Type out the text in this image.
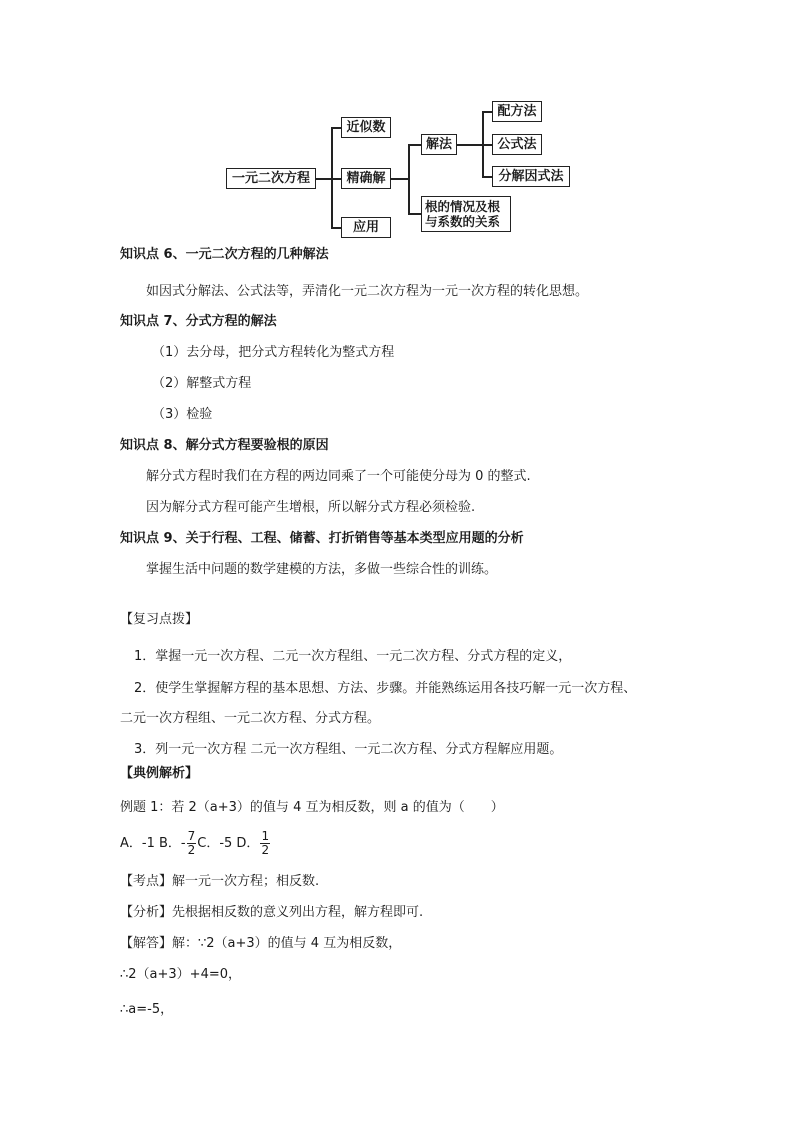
一元二次方程
近似数
精确解
应用
解法
根的情况及根
与系数的关系
配方法
公式法
分解因式法
知识点 6、一元二次方程的几种解法
如因式分解法、公式法等，弄清化一元二次方程为一元一次方程的转化思想。
知识点 7、分式方程的解法
（1）去分母，把分式方程转化为整式方程
（2）解整式方程
（3）检验
知识点 8、解分式方程要验根的原因
解分式方程时我们在方程的两边同乘了一个可能使分母为 0 的整式.
因为解分式方程可能产生增根，所以解分式方程必须检验.
知识点 9、关于行程、工程、储蓄、打折销售等基本类型应用题的分析
掌握生活中问题的数学建模的方法，多做一些综合性的训练。
【复习点拨】
1．掌握一元一次方程、二元一次方程组、一元二次方程、分式方程的定义，
2．使学生掌握解方程的基本思想、方法、步骤。并能熟练运用各技巧解一元一次方程、
二元一次方程组、一元二次方程、分式方程。
3．列一元一次方程 二元一次方程组、一元二次方程、分式方程解应用题。
【典例解析】
例题 1：若 2（a+3）的值与 4 互为相反数，则 a 的值为（　　）
A．-1 B．- $\frac{7}{2}$ C．-5 D． $\frac{1}{2}$
【考点】解一元一次方程；相反数.
【分析】先根据相反数的意义列出方程，解方程即可.
【解答】解：∵2（a+3）的值与 4 互为相反数，
∴2（a+3）+4=0，
∴a=-5，
